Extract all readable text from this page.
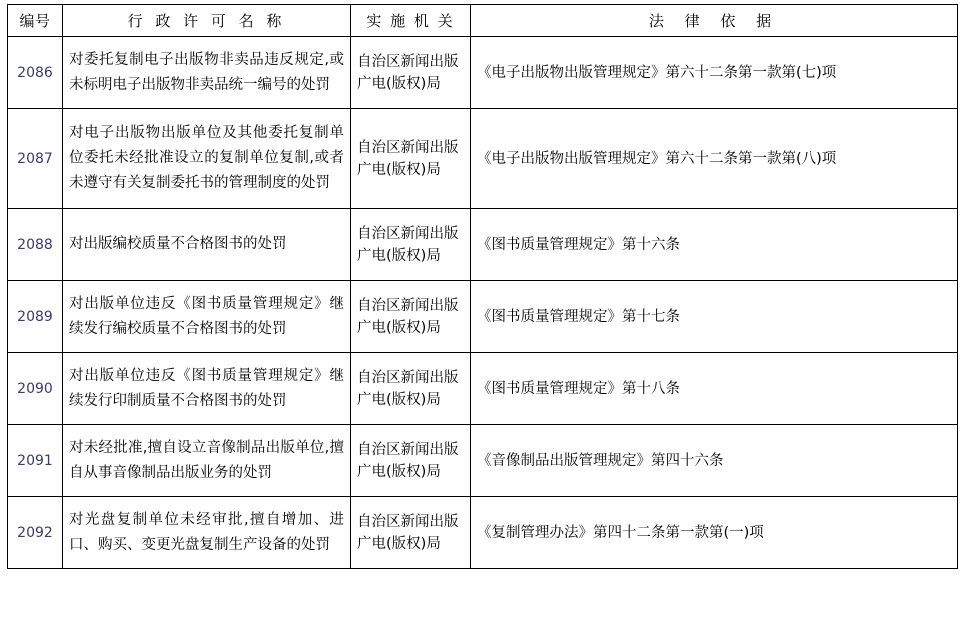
编号	行 政 许 可 名 称	实 施 机 关	法 律 依 据
2086	对委托复制电子出版物非卖品违反规定,或未标明电子出版物非卖品统一编号的处罚	自治区新闻出版广电(版权)局	《电子出版物出版管理规定》第六十二条第一款第(七)项
2087	对电子出版物出版单位及其他委托复制单位委托未经批准设立的复制单位复制,或者未遵守有关复制委托书的管理制度的处罚	自治区新闻出版广电(版权)局	《电子出版物出版管理规定》第六十二条第一款第(八)项
2088	对出版编校质量不合格图书的处罚	自治区新闻出版广电(版权)局	《图书质量管理规定》第十六条
2089	对出版单位违反《图书质量管理规定》继续发行编校质量不合格图书的处罚	自治区新闻出版广电(版权)局	《图书质量管理规定》第十七条
2090	对出版单位违反《图书质量管理规定》继续发行印制质量不合格图书的处罚	自治区新闻出版广电(版权)局	《图书质量管理规定》第十八条
2091	对未经批准,擅自设立音像制品出版单位,擅自从事音像制品出版业务的处罚	自治区新闻出版广电(版权)局	《音像制品出版管理规定》第四十六条
2092	对光盘复制单位未经审批,擅自增加、进口、购买、变更光盘复制生产设备的处罚	自治区新闻出版广电(版权)局	《复制管理办法》第四十二条第一款第(一)项
